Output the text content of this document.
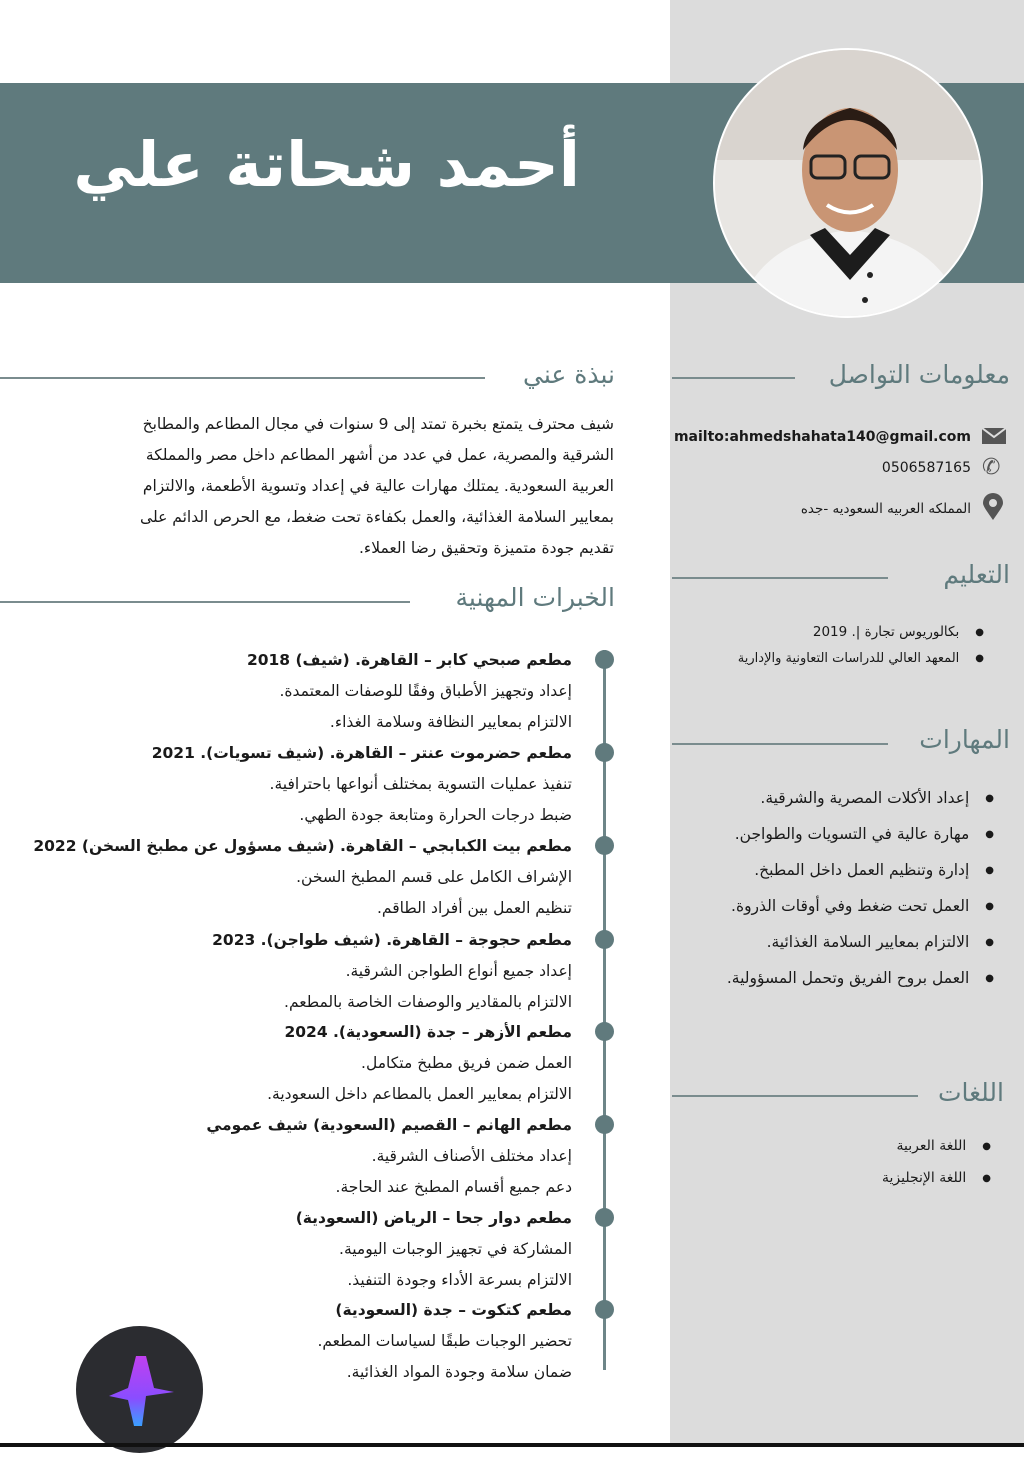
أحمد شحاتة علي
نبذة عني
شيف محترف يتمتع بخبرة تمتد إلى 9 سنوات في مجال المطاعم والمطابخ
الشرقية والمصرية، عمل في عدد من أشهر المطاعم داخل مصر والمملكة
العربية السعودية. يمتلك مهارات عالية في إعداد وتسوية الأطعمة، والالتزام
بمعايير السلامة الغذائية، والعمل بكفاءة تحت ضغط، مع الحرص الدائم على
تقديم جودة متميزة وتحقيق رضا العملاء.
الخبرات المهنية
مطعم صبحي كابر – القاهرة. (شيف) 2018
إعداد وتجهيز الأطباق وفقًا للوصفات المعتمدة.
الالتزام بمعايير النظافة وسلامة الغذاء.
مطعم حضرموت عنتر – القاهرة. (شيف تسويات). 2021
تنفيذ عمليات التسوية بمختلف أنواعها باحترافية.
ضبط درجات الحرارة ومتابعة جودة الطهي.
مطعم بيت الكبابجي – القاهرة. (شيف مسؤول عن مطبخ السخن) 2022
الإشراف الكامل على قسم المطبخ السخن.
تنظيم العمل بين أفراد الطاقم.
مطعم حجوجة – القاهرة. (شيف طواجن). 2023
إعداد جميع أنواع الطواجن الشرقية.
الالتزام بالمقادير والوصفات الخاصة بالمطعم.
مطعم الأزهر – جدة (السعودية). 2024
العمل ضمن فريق مطبخ متكامل.
الالتزام بمعايير العمل بالمطاعم داخل السعودية.
مطعم الهانم – القصيم (السعودية) شيف عمومي
إعداد مختلف الأصناف الشرقية.
دعم جميع أقسام المطبخ عند الحاجة.
مطعم دوار جحا – الرياض (السعودية)
المشاركة في تجهيز الوجبات اليومية.
الالتزام بسرعة الأداء وجودة التنفيذ.
مطعم كتكوت – جدة (السعودية)
تحضير الوجبات طبقًا لسياسات المطعم.
ضمان سلامة وجودة المواد الغذائية.
معلومات التواصل
mailto:ahmedshahata140@gmail.com
0506587165 ✆
المملكه العربيه السعوديه -جده
التعليم
● بكالوريوس تجارة |. 2019
● المعهد العالي للدراسات التعاونية والإدارية
المهارات
● إعداد الأكلات المصرية والشرقية.
● مهارة عالية في التسويات والطواجن.
● إدارة وتنظيم العمل داخل المطبخ.
● العمل تحت ضغط وفي أوقات الذروة.
● الالتزام بمعايير السلامة الغذائية.
● العمل بروح الفريق وتحمل المسؤولية.
اللغات
● اللغة العربية
● اللغة الإنجليزية
